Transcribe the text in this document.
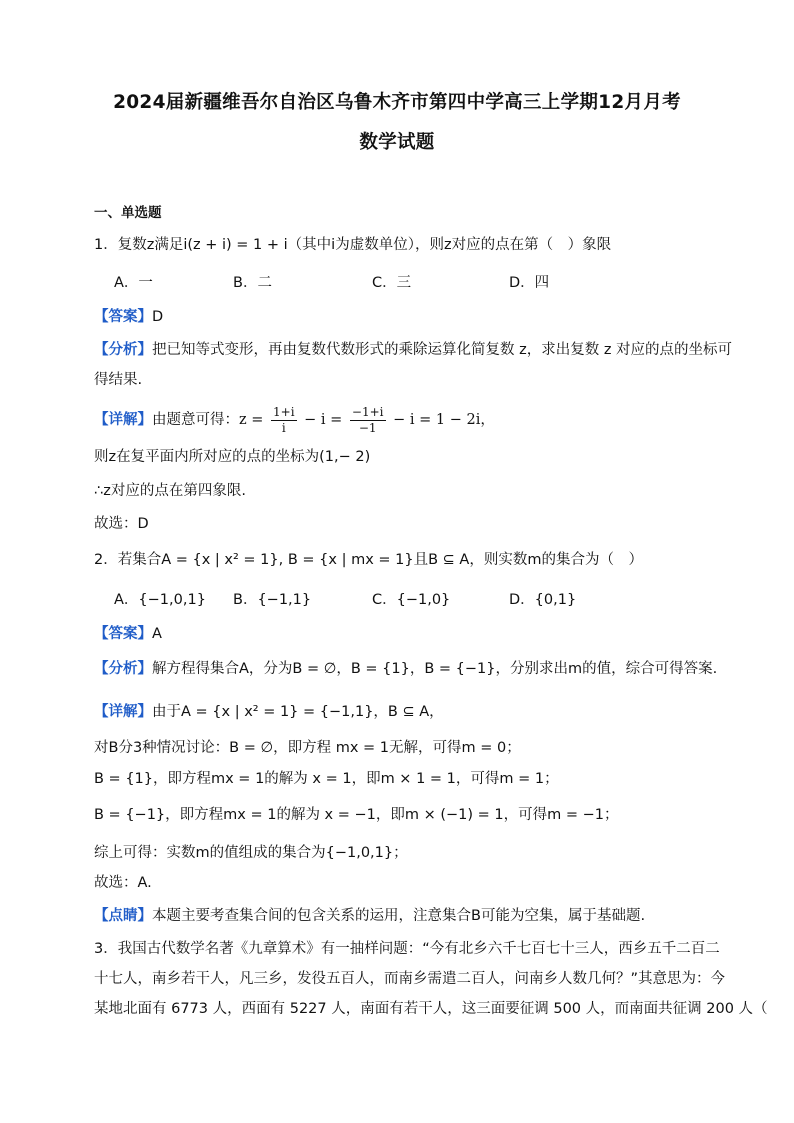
2024届新疆维吾尔自治区乌鲁木齐市第四中学高三上学期12月月考
数学试题
一、单选题
1．复数z满足i(z + i) = 1 + i（其中i为虚数单位），则z对应的点在第（　）象限
A．一	B．二	C．三	D．四
【答案】D
【分析】把已知等式变形，再由复数代数形式的乘除运算化简复数 z，求出复数 z 对应的点的坐标可
得结果.
【详解】由题意可得：$z = \frac{1+i}{i} - i = \frac{-1+i}{-1} - i = 1 - 2i$，
则z在复平面内所对应的点的坐标为(1,− 2)
∴z对应的点在第四象限.
故选：D
2．若集合A = {x | x² = 1}, B = {x | mx = 1}且B ⊆ A，则实数m的集合为（　）
A．{−1,0,1} B．{−1,1}	C．{−1,0}	D．{0,1}
【答案】A
【分析】解方程得集合A，分为B = ∅，B = {1}，B = {−1}，分别求出m的值，综合可得答案.
【详解】由于A = {x | x² = 1} = {−1,1}，B ⊆ A，
对B分3种情况讨论：B = ∅，即方程 mx = 1无解，可得m = 0；
B = {1}，即方程mx = 1的解为 x = 1，即m × 1 = 1，可得m = 1；
B = {−1}，即方程mx = 1的解为 x = −1，即m × (−1) = 1，可得m = −1；
综上可得：实数m的值组成的集合为{−1,0,1}；
故选：A.
【点睛】本题主要考查集合间的包含关系的运用，注意集合B可能为空集，属于基础题.
3．我国古代数学名著《九章算术》有一抽样问题：“今有北乡六千七百七十三人，西乡五千二百二
十七人，南乡若干人，凡三乡，发役五百人，而南乡需遣二百人，问南乡人数几何？”其意思为：今
某地北面有 6773 人，西面有 5227 人，南面有若干人，这三面要征调 500 人，而南面共征调 200 人（
